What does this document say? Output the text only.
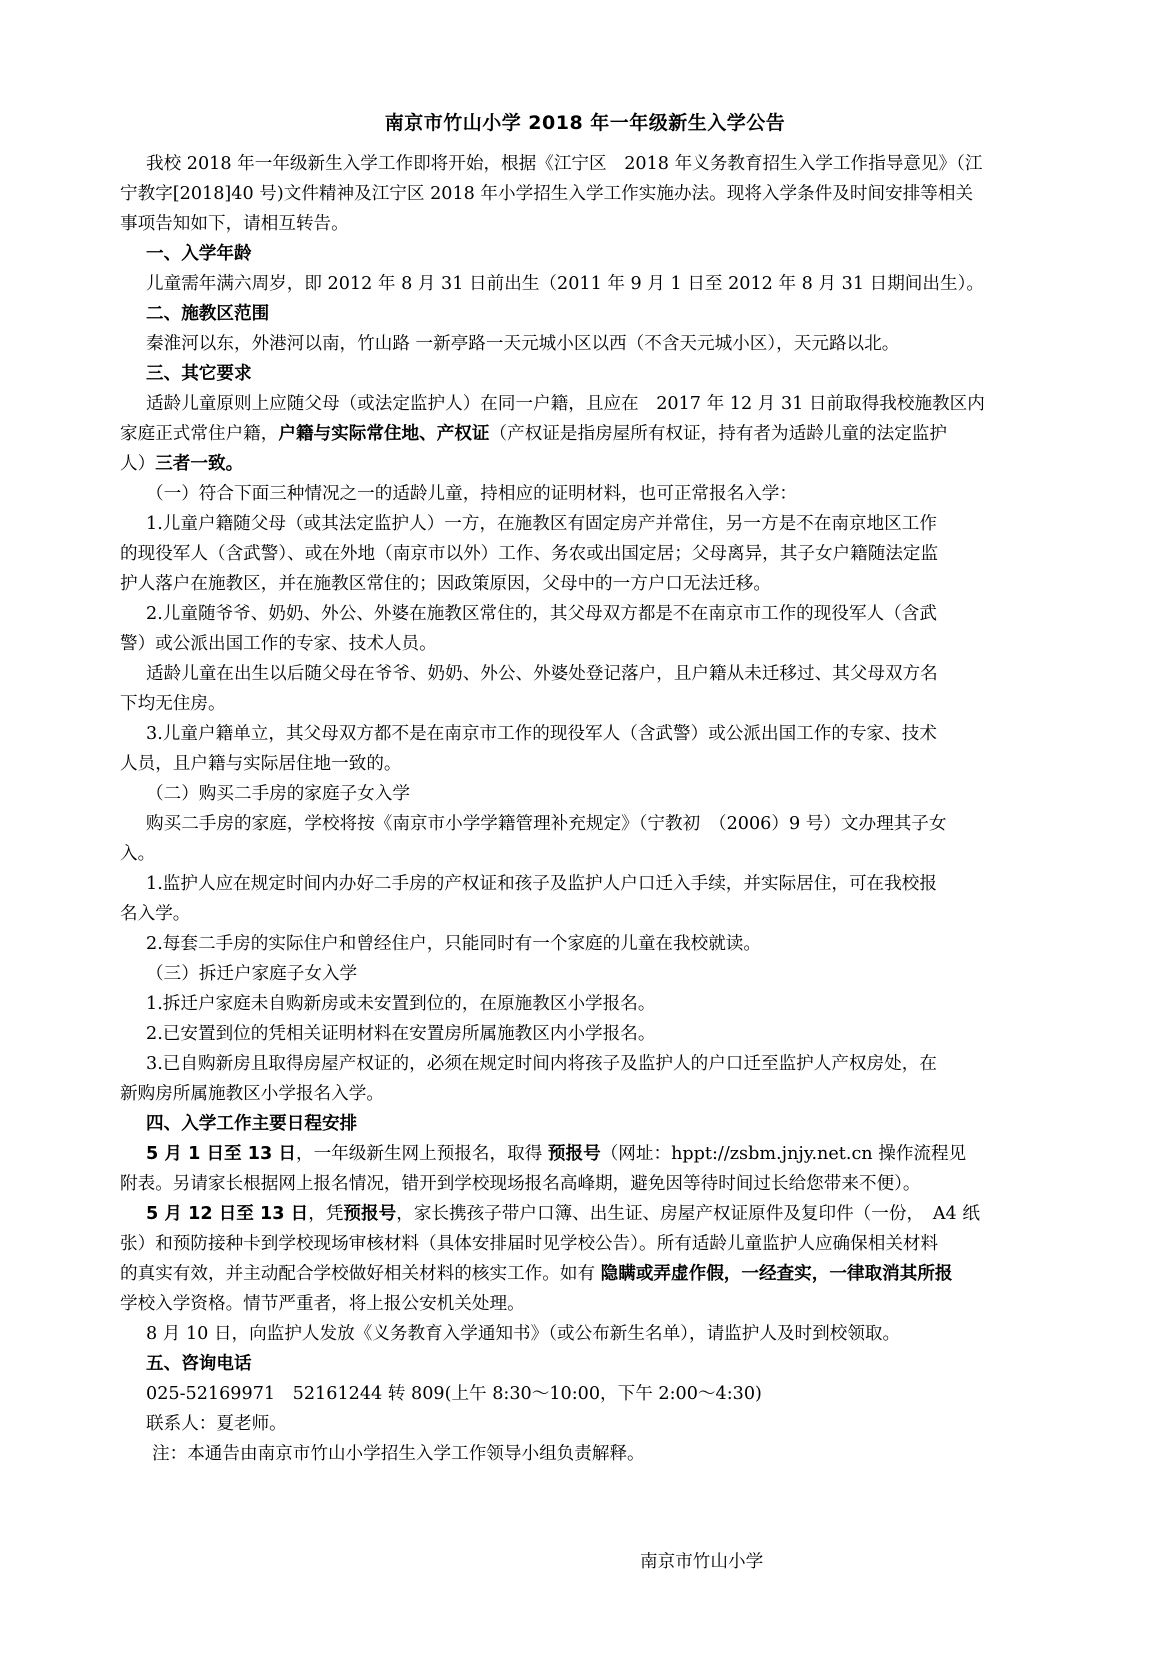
南京市竹山小学 2018 年一年级新生入学公告
我校 2018 年一年级新生入学工作即将开始，根据《江宁区　2018 年义务教育招生入学工作指导意见》（江
宁教字[2018]40 号)文件精神及江宁区 2018 年小学招生入学工作实施办法。现将入学条件及时间安排等相关
事项告知如下，请相互转告。
一、入学年龄
儿童需年满六周岁，即 2012 年 8 月 31 日前出生（2011 年 9 月 1 日至 2012 年 8 月 31 日期间出生）。
二、施教区范围
秦淮河以东，外港河以南，竹山路 一新亭路一天元城小区以西（不含天元城小区），天元路以北。
三、其它要求
适龄儿童原则上应随父母（或法定监护人）在同一户籍，且应在　2017 年 12 月 31 日前取得我校施教区内
家庭正式常住户籍，户籍与实际常住地、产权证（产权证是指房屋所有权证，持有者为适龄儿童的法定监护
人）三者一致。
（一）符合下面三种情况之一的适龄儿童，持相应的证明材料，也可正常报名入学：
1.儿童户籍随父母（或其法定监护人）一方，在施教区有固定房产并常住，另一方是不在南京地区工作
的现役军人（含武警）、或在外地（南京市以外）工作、务农或出国定居；父母离异，其子女户籍随法定监
护人落户在施教区，并在施教区常住的；因政策原因，父母中的一方户口无法迁移。
2.儿童随爷爷、奶奶、外公、外婆在施教区常住的，其父母双方都是不在南京市工作的现役军人（含武
警）或公派出国工作的专家、技术人员。
适龄儿童在出生以后随父母在爷爷、奶奶、外公、外婆处登记落户，且户籍从未迁移过、其父母双方名
下均无住房。
3.儿童户籍单立，其父母双方都不是在南京市工作的现役军人（含武警）或公派出国工作的专家、技术
人员，且户籍与实际居住地一致的。
（二）购买二手房的家庭子女入学
购买二手房的家庭，学校将按《南京市小学学籍管理补充规定》（宁教初　（2006）9 号）文办理其子女
入。
1.监护人应在规定时间内办好二手房的产权证和孩子及监护人户口迁入手续，并实际居住，可在我校报
名入学。
2.每套二手房的实际住户和曾经住户，只能同时有一个家庭的儿童在我校就读。
（三）拆迁户家庭子女入学
1.拆迁户家庭未自购新房或未安置到位的，在原施教区小学报名。
2.已安置到位的凭相关证明材料在安置房所属施教区内小学报名。
3.已自购新房且取得房屋产权证的，必须在规定时间内将孩子及监护人的户口迁至监护人产权房处，在
新购房所属施教区小学报名入学。
四、入学工作主要日程安排
5 月 1 日至 13 日，一年级新生网上预报名，取得 预报号（网址：hppt://zsbm.jnjy.net.cn 操作流程见
附表。另请家长根据网上报名情况，错开到学校现场报名高峰期，避免因等待时间过长给您带来不便）。
5 月 12 日至 13 日，凭预报号，家长携孩子带户口簿、出生证、房屋产权证原件及复印件（一份，　A4 纸
张）和预防接种卡到学校现场审核材料（具体安排届时见学校公告）。所有适龄儿童监护人应确保相关材料
的真实有效，并主动配合学校做好相关材料的核实工作。如有 隐瞒或弄虚作假，一经查实，一律取消其所报
学校入学资格。情节严重者，将上报公安机关处理。
8 月 10 日，向监护人发放《义务教育入学通知书》（或公布新生名单），请监护人及时到校领取。
五、咨询电话
025-52169971　52161244 转 809(上午 8:30～10:00，下午 2:00～4:30)
联系人：夏老师。
注：本通告由南京市竹山小学招生入学工作领导小组负责解释。
南京市竹山小学
